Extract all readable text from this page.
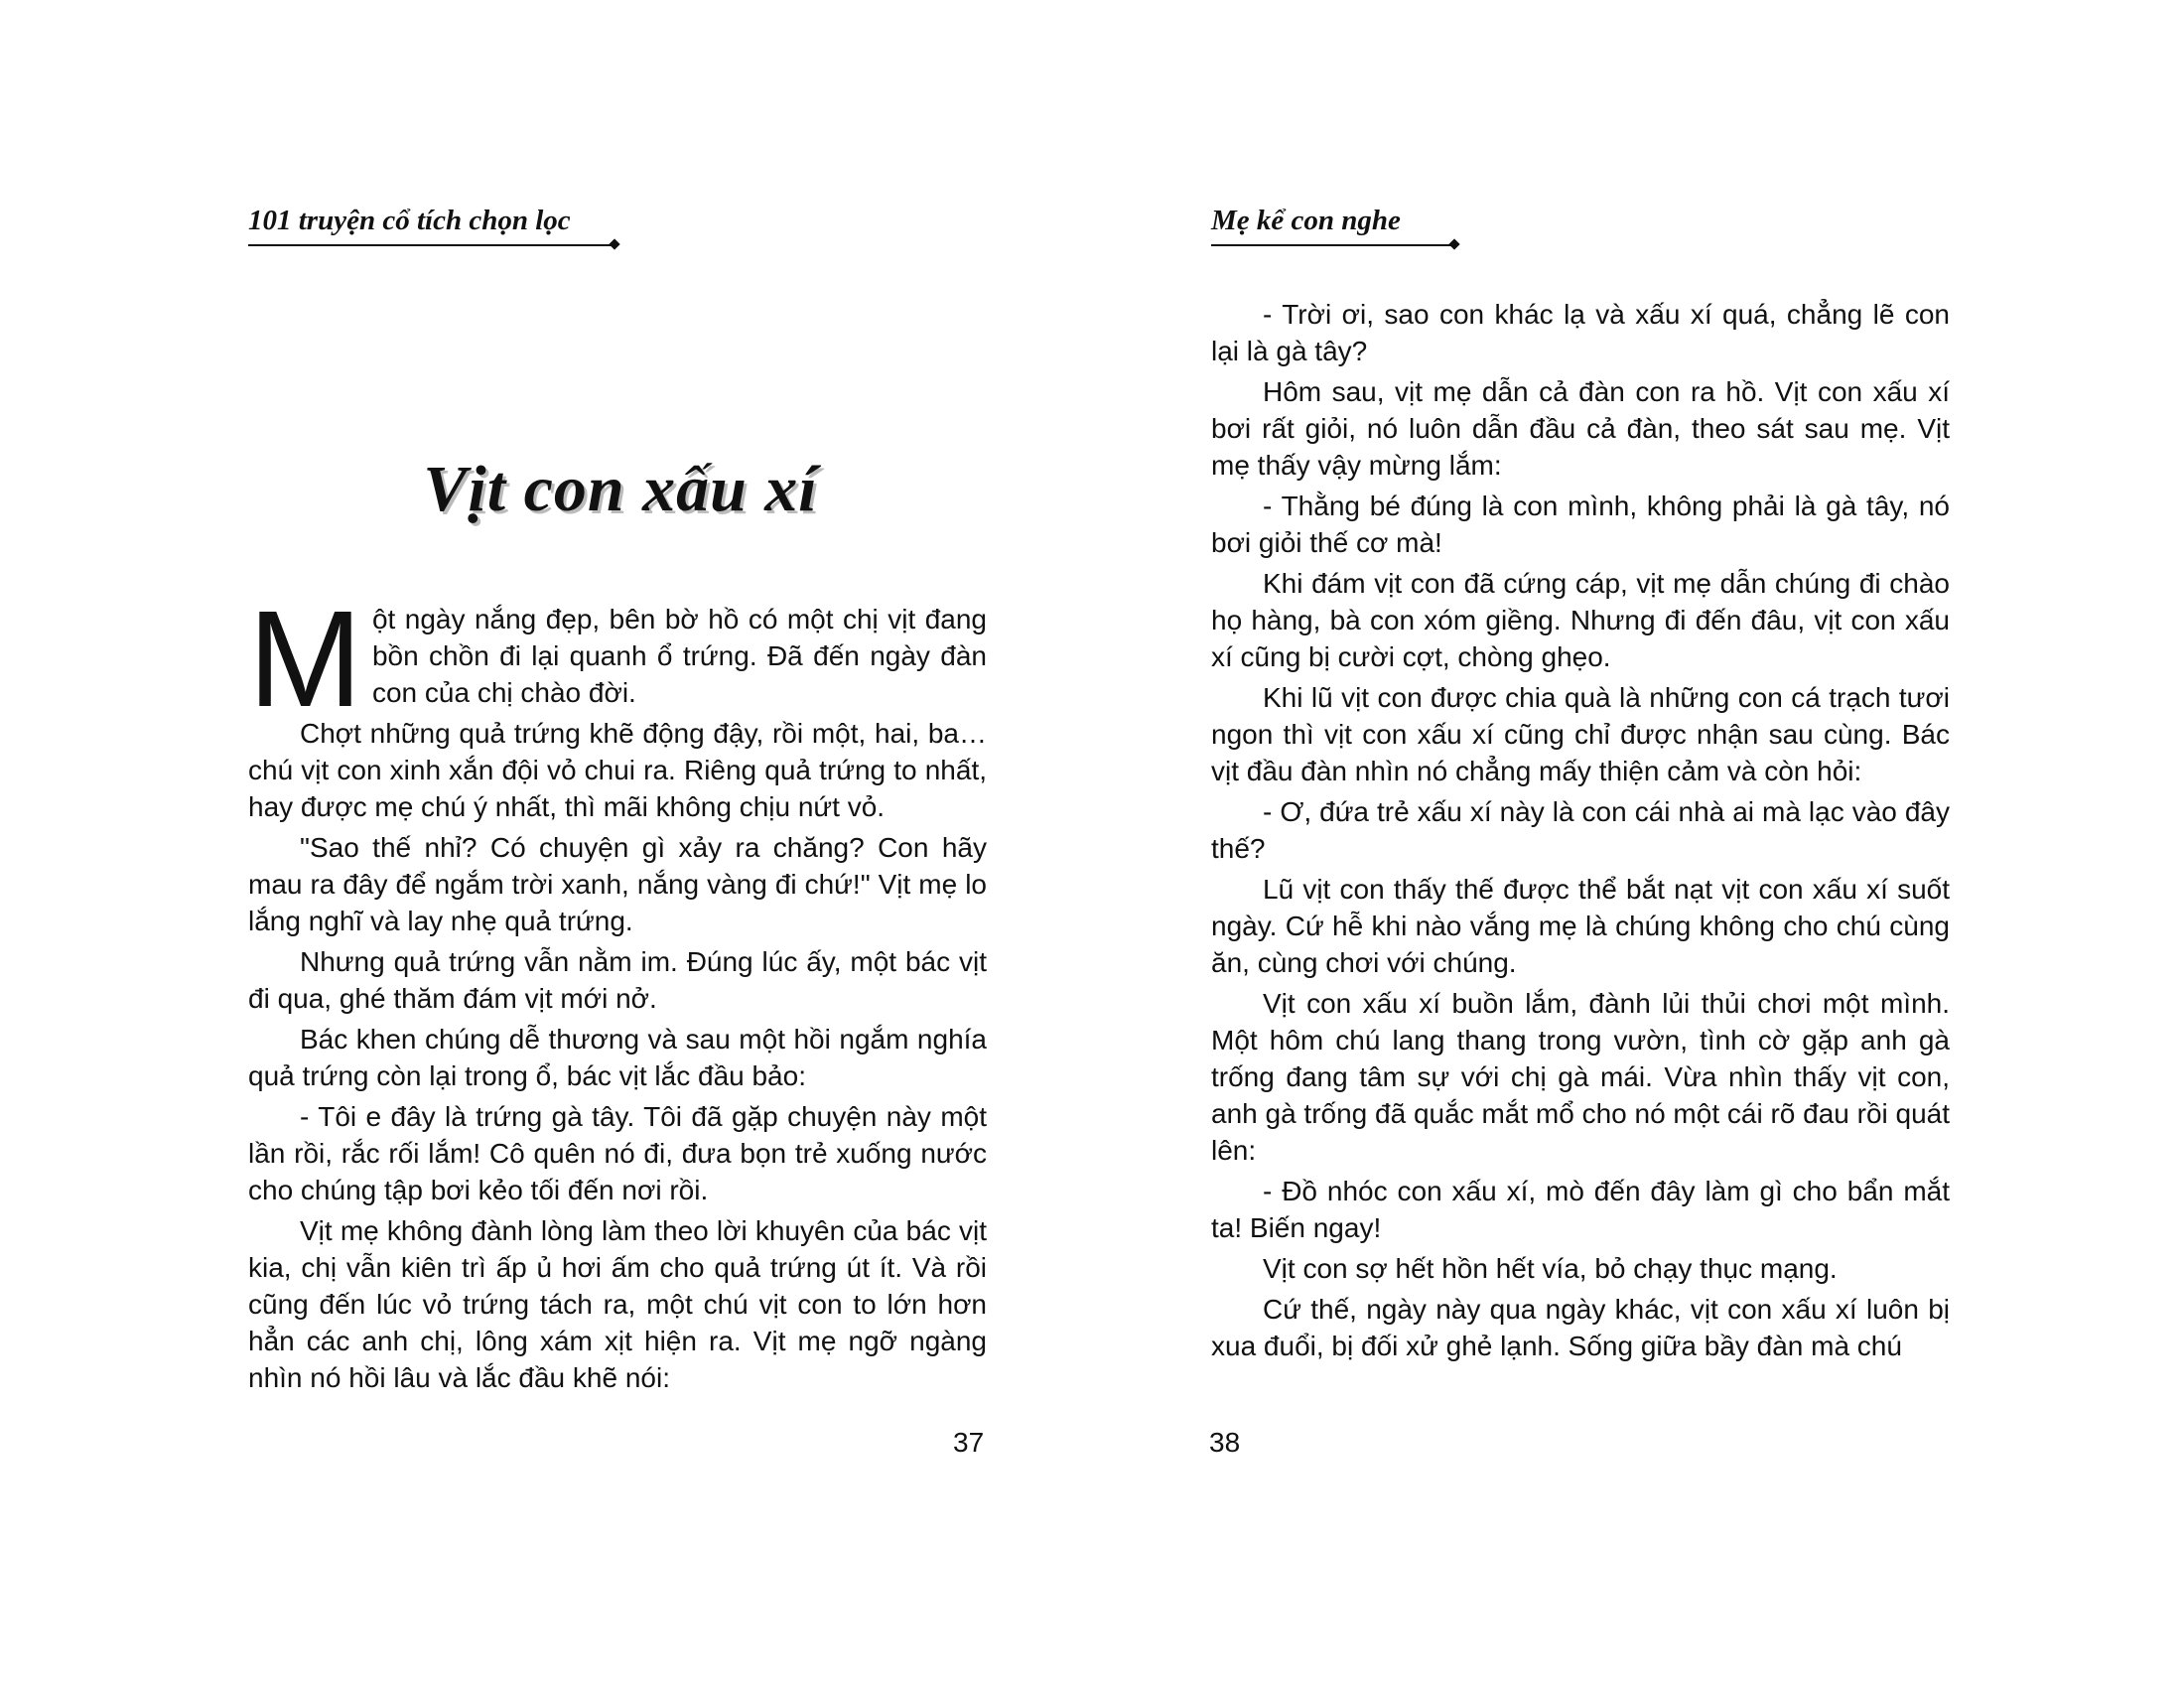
101 truyện cổ tích chọn lọc
Vịt con xấu xí

Một ngày nắng đẹp, bên bờ hồ có một chị vịt đang bồn chồn đi lại quanh ổ trứng. Đã đến ngày đàn con của chị chào đời.

Chợt những quả trứng khẽ động đậy, rồi một, hai, ba… chú vịt con xinh xắn đội vỏ chui ra. Riêng quả trứng to nhất, hay được mẹ chú ý nhất, thì mãi không chịu nứt vỏ.

"Sao thế nhỉ? Có chuyện gì xảy ra chăng? Con hãy mau ra đây để ngắm trời xanh, nắng vàng đi chứ!" Vịt mẹ lo lắng nghĩ và lay nhẹ quả trứng.

Nhưng quả trứng vẫn nằm im. Đúng lúc ấy, một bác vịt đi qua, ghé thăm đám vịt mới nở.

Bác khen chúng dễ thương và sau một hồi ngắm nghía quả trứng còn lại trong ổ, bác vịt lắc đầu bảo:

- Tôi e đây là trứng gà tây. Tôi đã gặp chuyện này một lần rồi, rắc rối lắm! Cô quên nó đi, đưa bọn trẻ xuống nước cho chúng tập bơi kẻo tối đến nơi rồi.

Vịt mẹ không đành lòng làm theo lời khuyên của bác vịt kia, chị vẫn kiên trì ấp ủ hơi ấm cho quả trứng út ít. Và rồi cũng đến lúc vỏ trứng tách ra, một chú vịt con to lớn hơn hẳn các anh chị, lông xám xịt hiện ra. Vịt mẹ ngỡ ngàng nhìn nó hồi lâu và lắc đầu khẽ nói:

37
Mẹ kể con nghe

- Trời ơi, sao con khác lạ và xấu xí quá, chẳng lẽ con lại là gà tây?

Hôm sau, vịt mẹ dẫn cả đàn con ra hồ. Vịt con xấu xí bơi rất giỏi, nó luôn dẫn đầu cả đàn, theo sát sau mẹ. Vịt mẹ thấy vậy mừng lắm:

- Thằng bé đúng là con mình, không phải là gà tây, nó bơi giỏi thế cơ mà!

Khi đám vịt con đã cứng cáp, vịt mẹ dẫn chúng đi chào họ hàng, bà con xóm giềng. Nhưng đi đến đâu, vịt con xấu xí cũng bị cười cợt, chòng ghẹo.

Khi lũ vịt con được chia quà là những con cá trạch tươi ngon thì vịt con xấu xí cũng chỉ được nhận sau cùng. Bác vịt đầu đàn nhìn nó chẳng mấy thiện cảm và còn hỏi:

- Ơ, đứa trẻ xấu xí này là con cái nhà ai mà lạc vào đây thế?

Lũ vịt con thấy thế được thể bắt nạt vịt con xấu xí suốt ngày. Cứ hễ khi nào vắng mẹ là chúng không cho chú cùng ăn, cùng chơi với chúng.

Vịt con xấu xí buồn lắm, đành lủi thủi chơi một mình. Một hôm chú lang thang trong vườn, tình cờ gặp anh gà trống đang tâm sự với chị gà mái. Vừa nhìn thấy vịt con, anh gà trống đã quắc mắt mổ cho nó một cái rõ đau rồi quát lên:

- Đồ nhóc con xấu xí, mò đến đây làm gì cho bẩn mắt ta! Biến ngay!

Vịt con sợ hết hồn hết vía, bỏ chạy thục mạng.

Cứ thế, ngày này qua ngày khác, vịt con xấu xí luôn bị xua đuổi, bị đối xử ghẻ lạnh. Sống giữa bầy đàn mà chú

38
